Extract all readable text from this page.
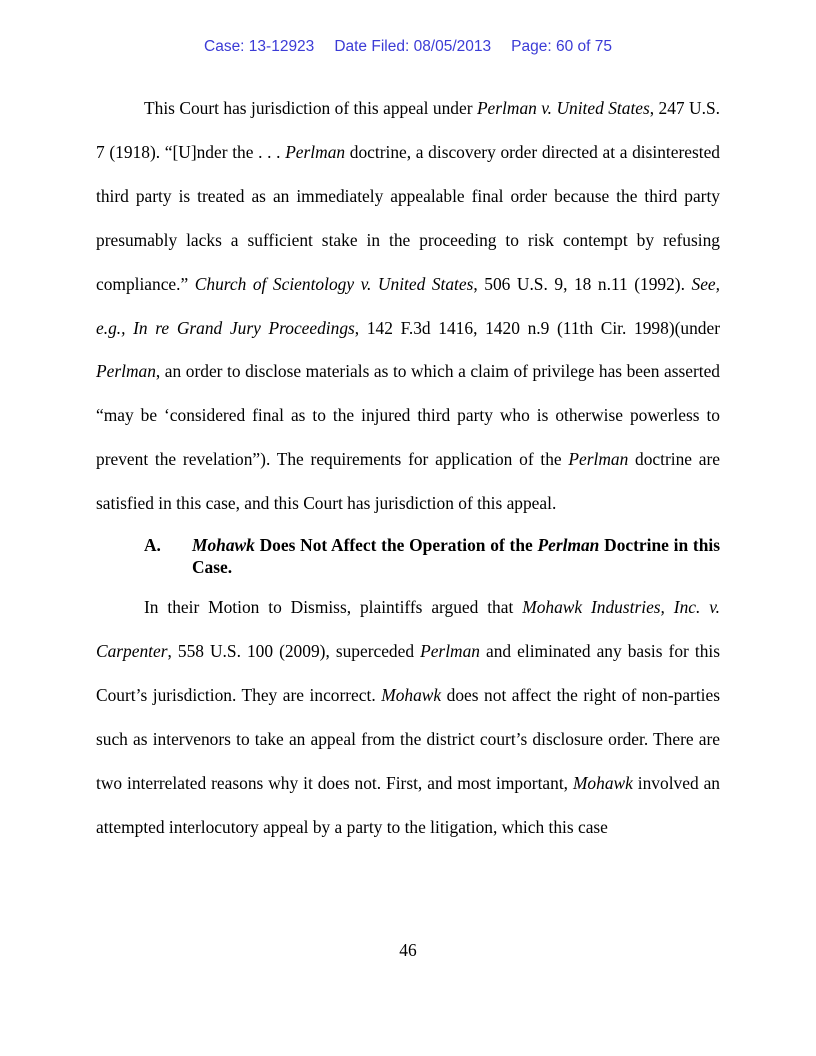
Case: 13-12923 Date Filed: 08/05/2013 Page: 60 of 75

This Court has jurisdiction of this appeal under Perlman v. United States, 247 U.S. 7 (1918). “[U]nder the . . . Perlman doctrine, a discovery order directed at a disinterested third party is treated as an immediately appealable final order because the third party presumably lacks a sufficient stake in the proceeding to risk contempt by refusing compliance.” Church of Scientology v. United States, 506 U.S. 9, 18 n.11 (1992). See, e.g., In re Grand Jury Proceedings, 142 F.3d 1416, 1420 n.9 (11th Cir. 1998)(under Perlman, an order to disclose materials as to which a claim of privilege has been asserted “may be ‘considered final as to the injured third party who is otherwise powerless to prevent the revelation”). The requirements for application of the Perlman doctrine are satisfied in this case, and this Court has jurisdiction of this appeal.

A. Mohawk Does Not Affect the Operation of the Perlman Doctrine in this Case.

In their Motion to Dismiss, plaintiffs argued that Mohawk Industries, Inc. v. Carpenter, 558 U.S. 100 (2009), superceded Perlman and eliminated any basis for this Court’s jurisdiction. They are incorrect. Mohawk does not affect the right of non-parties such as intervenors to take an appeal from the district court’s disclosure order. There are two interrelated reasons why it does not. First, and most important, Mohawk involved an attempted interlocutory appeal by a party to the litigation, which this case

46
